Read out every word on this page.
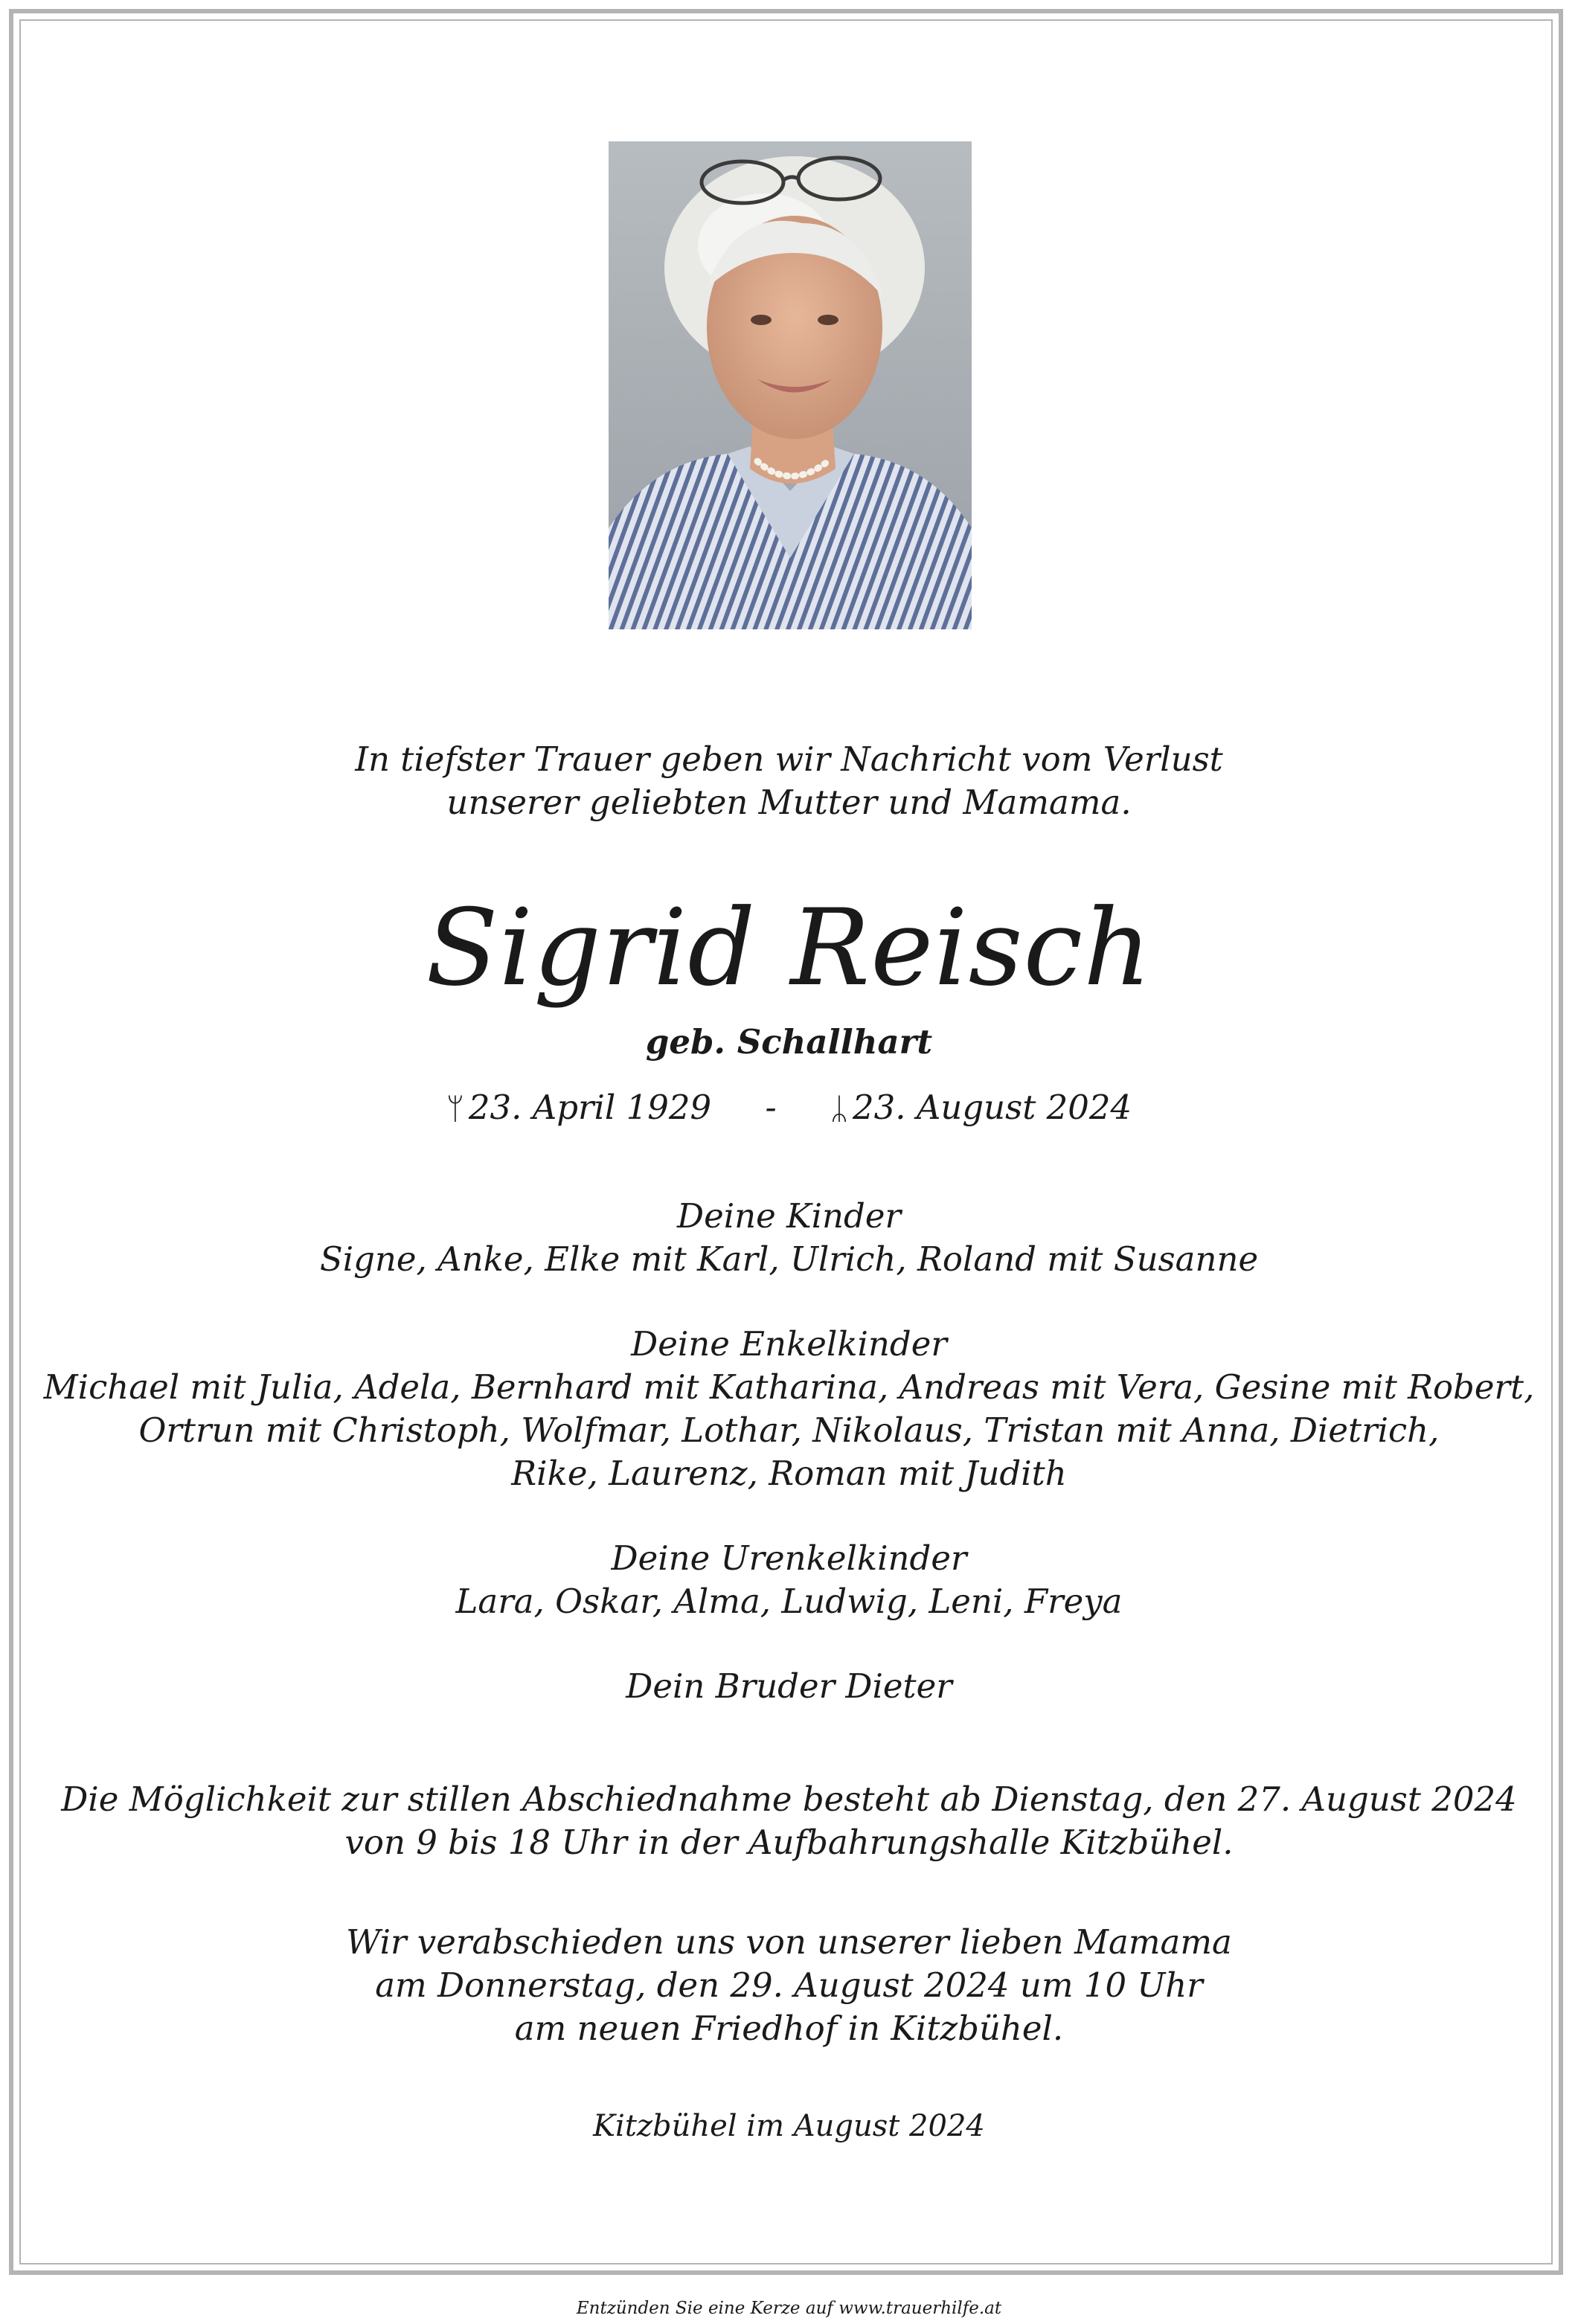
In tiefster Trauer geben wir Nachricht vom Verlust
unserer geliebten Mutter und Mamama.
Sigrid Reisch
geb. Schallhart
ᛘ 23. April 1929 - ᛦ 23. August 2024
Deine Kinder
Signe, Anke, Elke mit Karl, Ulrich, Roland mit Susanne
Deine Enkelkinder
Michael mit Julia, Adela, Bernhard mit Katharina, Andreas mit Vera, Gesine mit Robert,
Ortrun mit Christoph, Wolfmar, Lothar, Nikolaus, Tristan mit Anna, Dietrich,
Rike, Laurenz, Roman mit Judith
Deine Urenkelkinder
Lara, Oskar, Alma, Ludwig, Leni, Freya
Dein Bruder Dieter
Die Möglichkeit zur stillen Abschiednahme besteht ab Dienstag, den 27. August 2024
von 9 bis 18 Uhr in der Aufbahrungshalle Kitzbühel.
Wir verabschieden uns von unserer lieben Mamama
am Donnerstag, den 29. August 2024 um 10 Uhr
am neuen Friedhof in Kitzbühel.
Kitzbühel im August 2024
Entzünden Sie eine Kerze auf www.trauerhilfe.at
